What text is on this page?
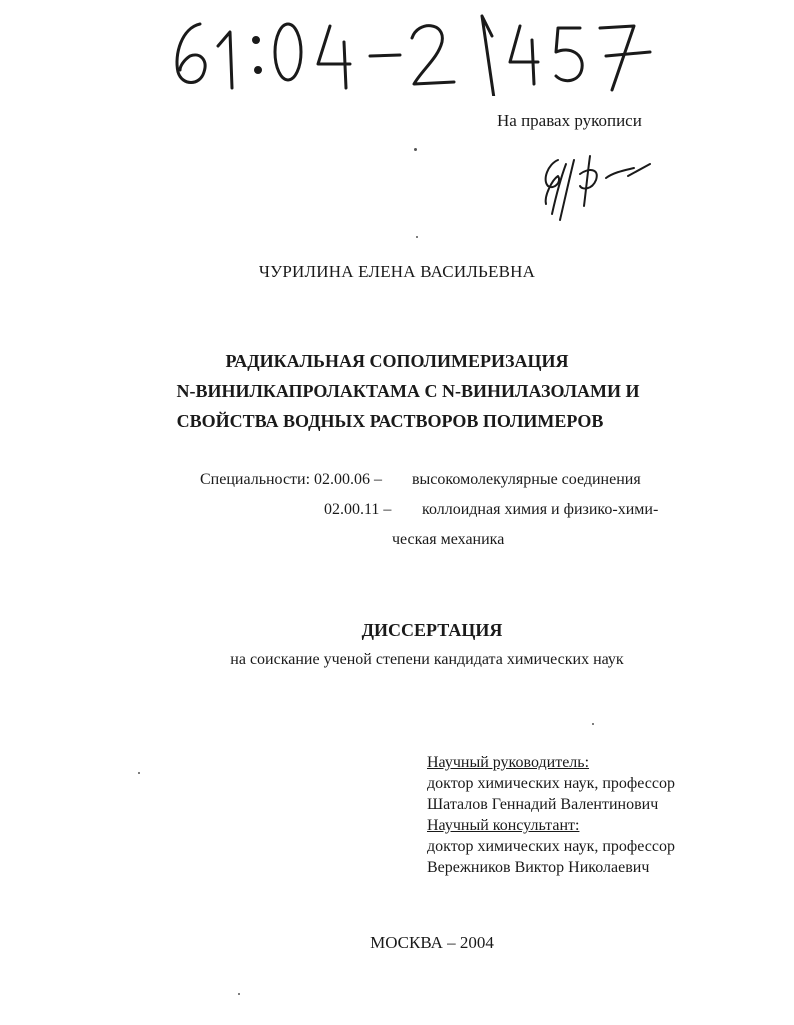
На правах рукописи
ЧУРИЛИНА ЕЛЕНА ВАСИЛЬЕВНА
РАДИКАЛЬНАЯ СОПОЛИМЕРИЗАЦИЯ
N-ВИНИЛКАПРОЛАКТАМА С N-ВИНИЛАЗОЛАМИ И
СВОЙСТВА ВОДНЫХ РАСТВОРОВ ПОЛИМЕРОВ
Специальности: 02.00.06 – высокомолекулярные соединения
02.00.11 – коллоидная химия и физико-хими-
ческая механика
ДИССЕРТАЦИЯ
на соискание ученой степени кандидата химических наук
Научный руководитель:
доктор химических наук, профессор
Шаталов Геннадий Валентинович
Научный консультант:
доктор химических наук, профессор
Вережников Виктор Николаевич
МОСКВА – 2004
